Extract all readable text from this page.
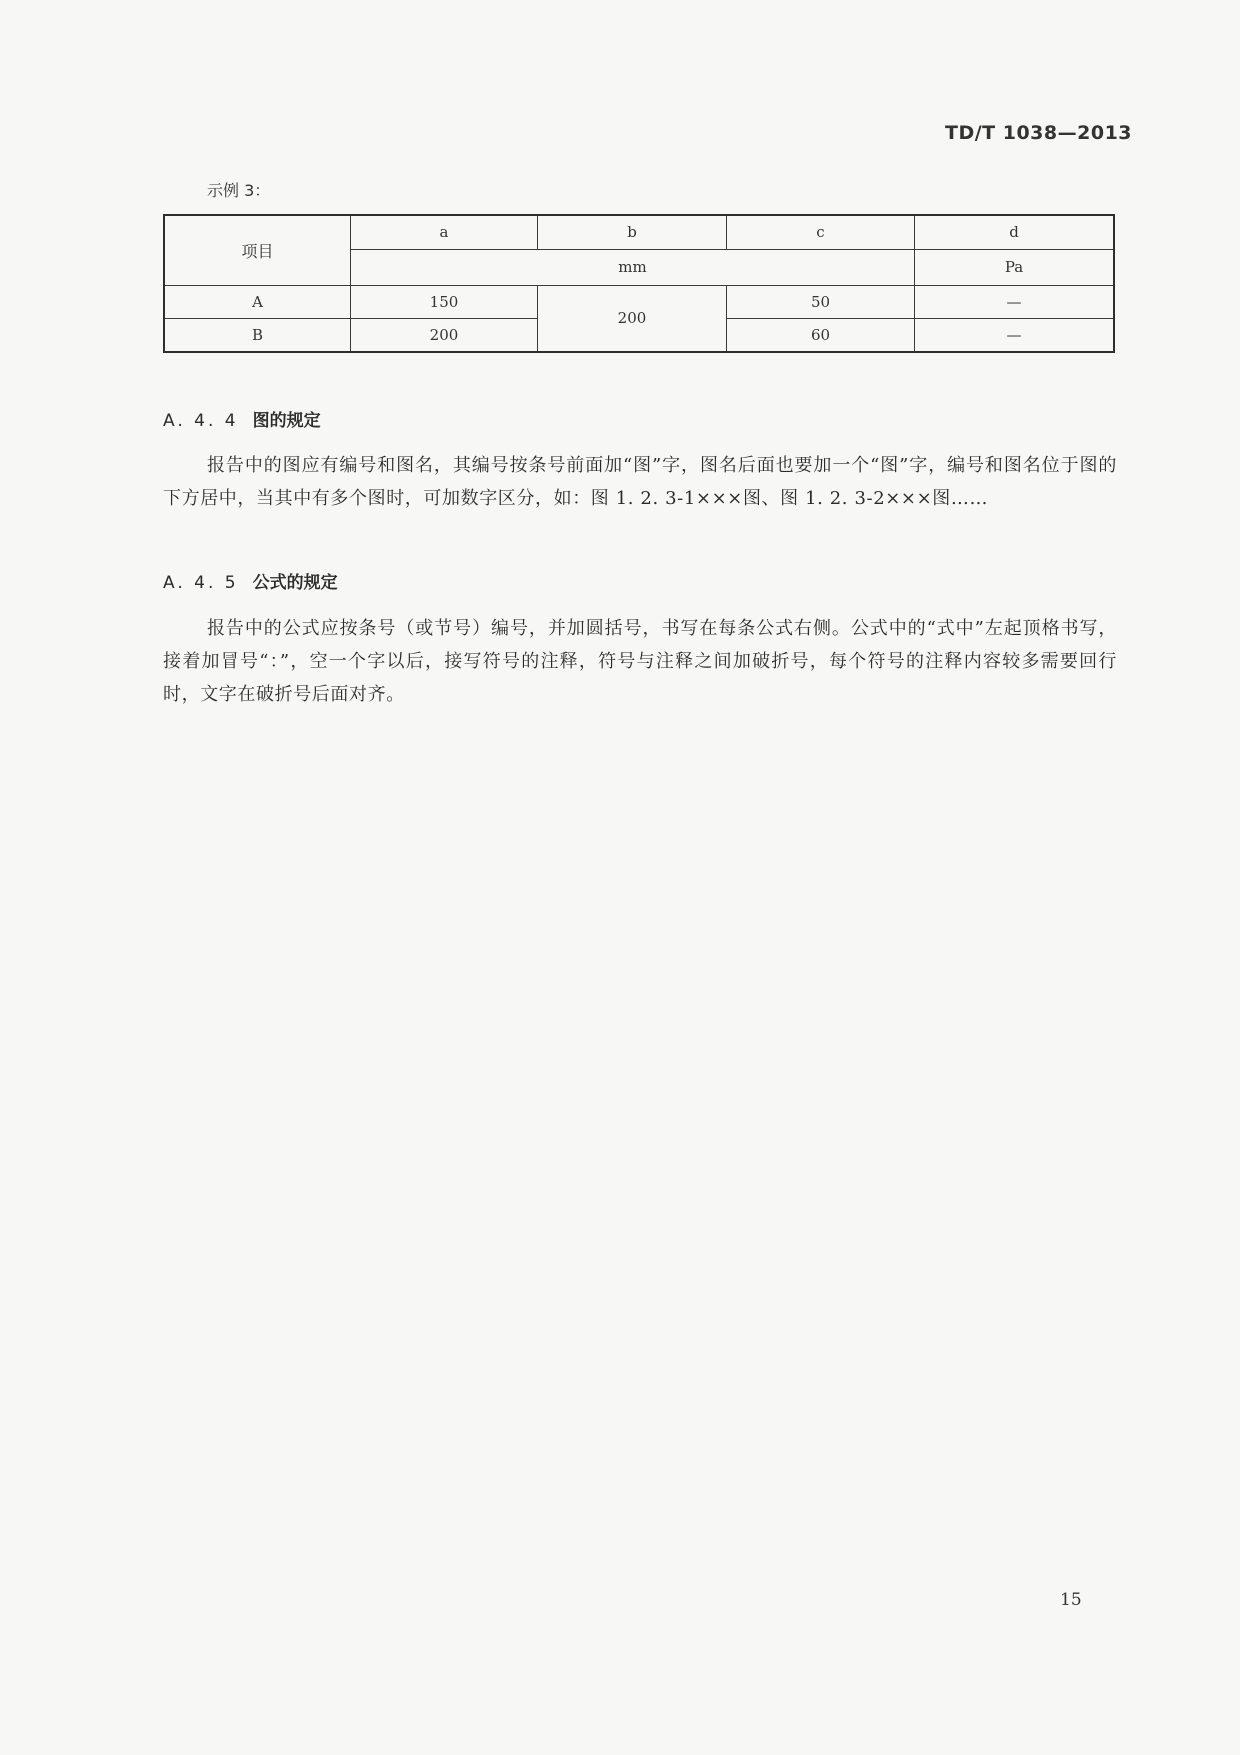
TD/T 1038—2013
示例 3：
项目	a	b	c	d
	mm			Pa
A	150	200	50	—
B	200		60	—
A. 4. 4 图的规定
报告中的图应有编号和图名，其编号按条号前面加“图”字，图名后面也要加一个“图”字，编号和图名位于图的下方居中，当其中有多个图时，可加数字区分，如：图 1. 2. 3-1×××图、图 1. 2. 3-2×××图……
A. 4. 5 公式的规定
报告中的公式应按条号（或节号）编号，并加圆括号，书写在每条公式右侧。公式中的“式中”左起顶格书写，接着加冒号“：”，空一个字以后，接写符号的注释，符号与注释之间加破折号，每个符号的注释内容较多需要回行时，文字在破折号后面对齐。
15
